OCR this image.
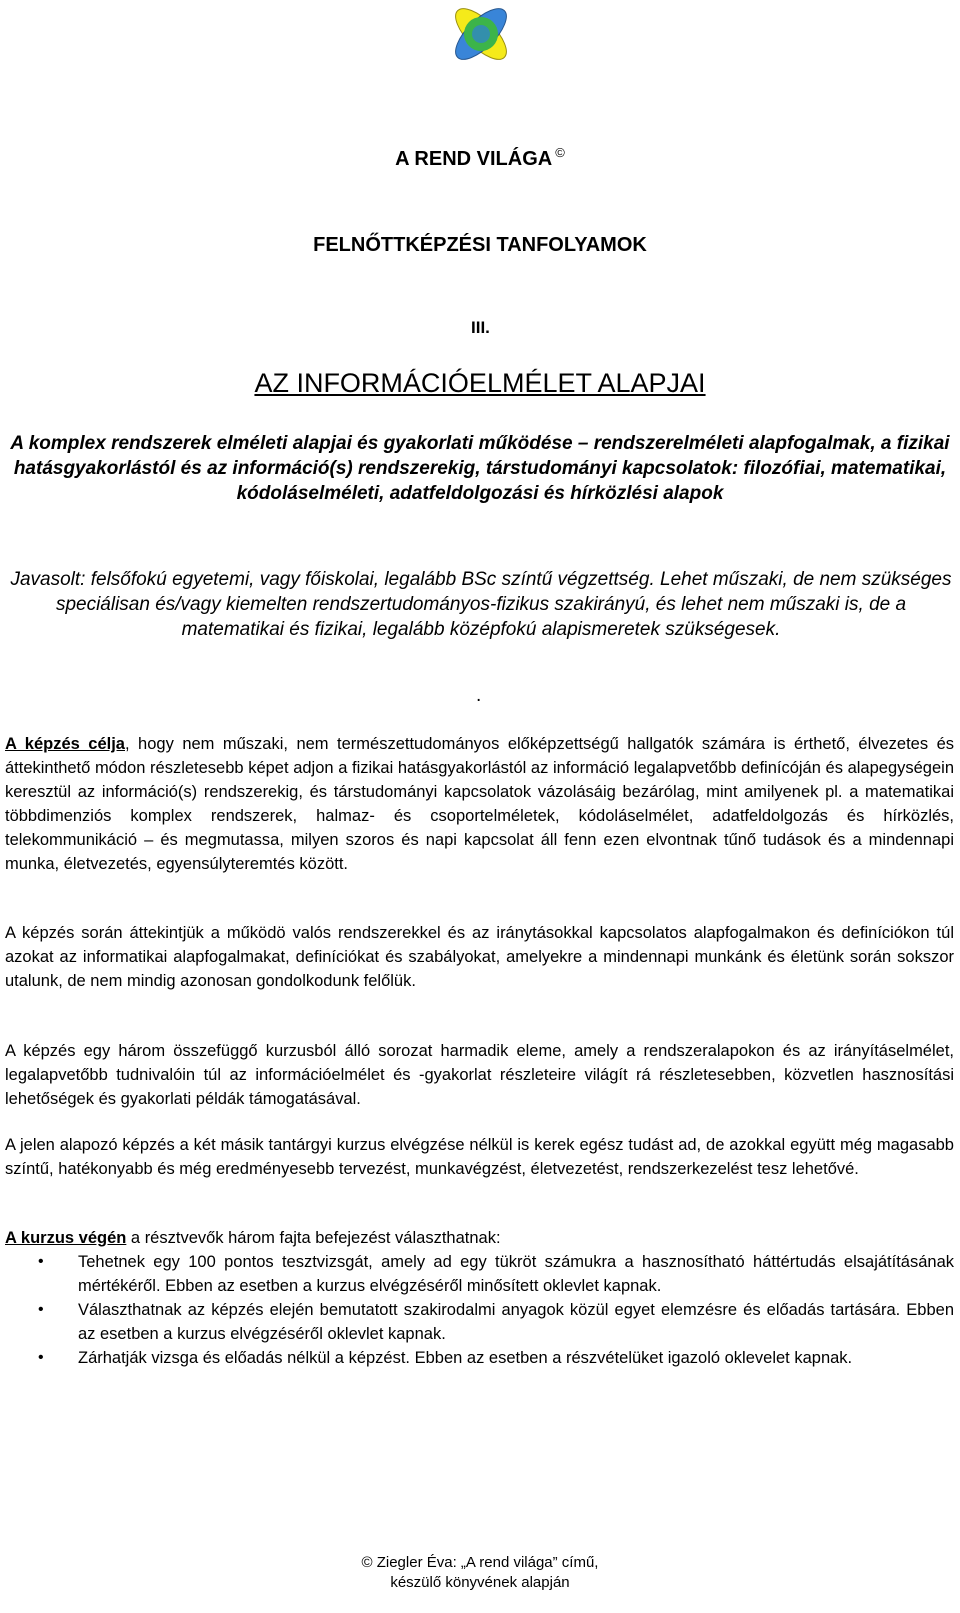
A REND VILÁGA ©
FELNŐTTKÉPZÉSI TANFOLYAMOK
III.
AZ INFORMÁCIÓELMÉLET ALAPJAI
A komplex rendszerek elméleti alapjai és gyakorlati működése – rendszerelméleti alapfogalmak, a fizikai hatásgyakorlástól és az információ(s) rendszerekig, társtudományi kapcsolatok: filozófiai, matematikai, kódoláselméleti, adatfeldolgozási és hírközlési alapok
Javasolt: felsőfokú egyetemi, vagy főiskolai, legalább BSc színtű végzettség. Lehet műszaki, de nem szükséges speciálisan és/vagy kiemelten rendszertudományos-fizikus szakirányú, és lehet nem műszaki is, de a matematikai és fizikai, legalább középfokú alapismeretek szükségesek.
.
A képzés célja, hogy nem műszaki, nem természettudományos előképzettségű hallgatók számára is érthető, élvezetes és áttekinthető módon részletesebb képet adjon a fizikai hatásgyakorlástól az információ legalapvetőbb definícóján és alapegységein keresztül az információ(s) rendszerekig, és társtudományi kapcsolatok vázolásáig bezárólag, mint amilyenek pl. a matematikai többdimenziós komplex rendszerek, halmaz- és csoportelméletek, kódoláselmélet, adatfeldolgozás és hírközlés, telekommunikáció – és megmutassa, milyen szoros és napi kapcsolat áll fenn ezen elvontnak tűnő tudások és a mindennapi munka, életvezetés, egyensúlyteremtés között.
A képzés során áttekintjük a működö valós rendszerekkel és az iránytásokkal kapcsolatos alapfogalmakon és definíciókon túl azokat az informatikai alapfogalmakat, definíciókat és szabályokat, amelyekre a mindennapi munkánk és életünk során sokszor utalunk, de nem mindig azonosan gondolkodunk felőlük.
A képzés egy három összefüggő kurzusból álló sorozat harmadik eleme, amely a rendszeralapokon és az irányításelmélet, legalapvetőbb tudnivalóin túl az információelmélet és -gyakorlat részleteire világít rá részletesebben, közvetlen hasznosítási lehetőségek és gyakorlati példák támogatásával.
A jelen alapozó képzés a két másik tantárgyi kurzus elvégzése nélkül is kerek egész tudást ad, de azokkal együtt még magasabb színtű, hatékonyabb és még eredményesebb tervezést, munkavégzést, életvezetést, rendszerkezelést tesz lehetővé.
A kurzus végén a résztvevők három fajta befejezést választhatnak:
• Tehetnek egy 100 pontos tesztvizsgát, amely ad egy tükröt számukra a hasznosítható háttértudás elsajátításának mértékéről. Ebben az esetben a kurzus elvégzéséről minősített oklevlet kapnak.
• Választhatnak az képzés elején bemutatott szakirodalmi anyagok közül egyet elemzésre és előadás tartására. Ebben az esetben a kurzus elvégzéséről oklevlet kapnak.
• Zárhatják vizsga és előadás nélkül a képzést. Ebben az esetben a részvételüket igazoló oklevelet kapnak.
© Ziegler Éva: „A rend világa” című,
készülő könyvének alapján
